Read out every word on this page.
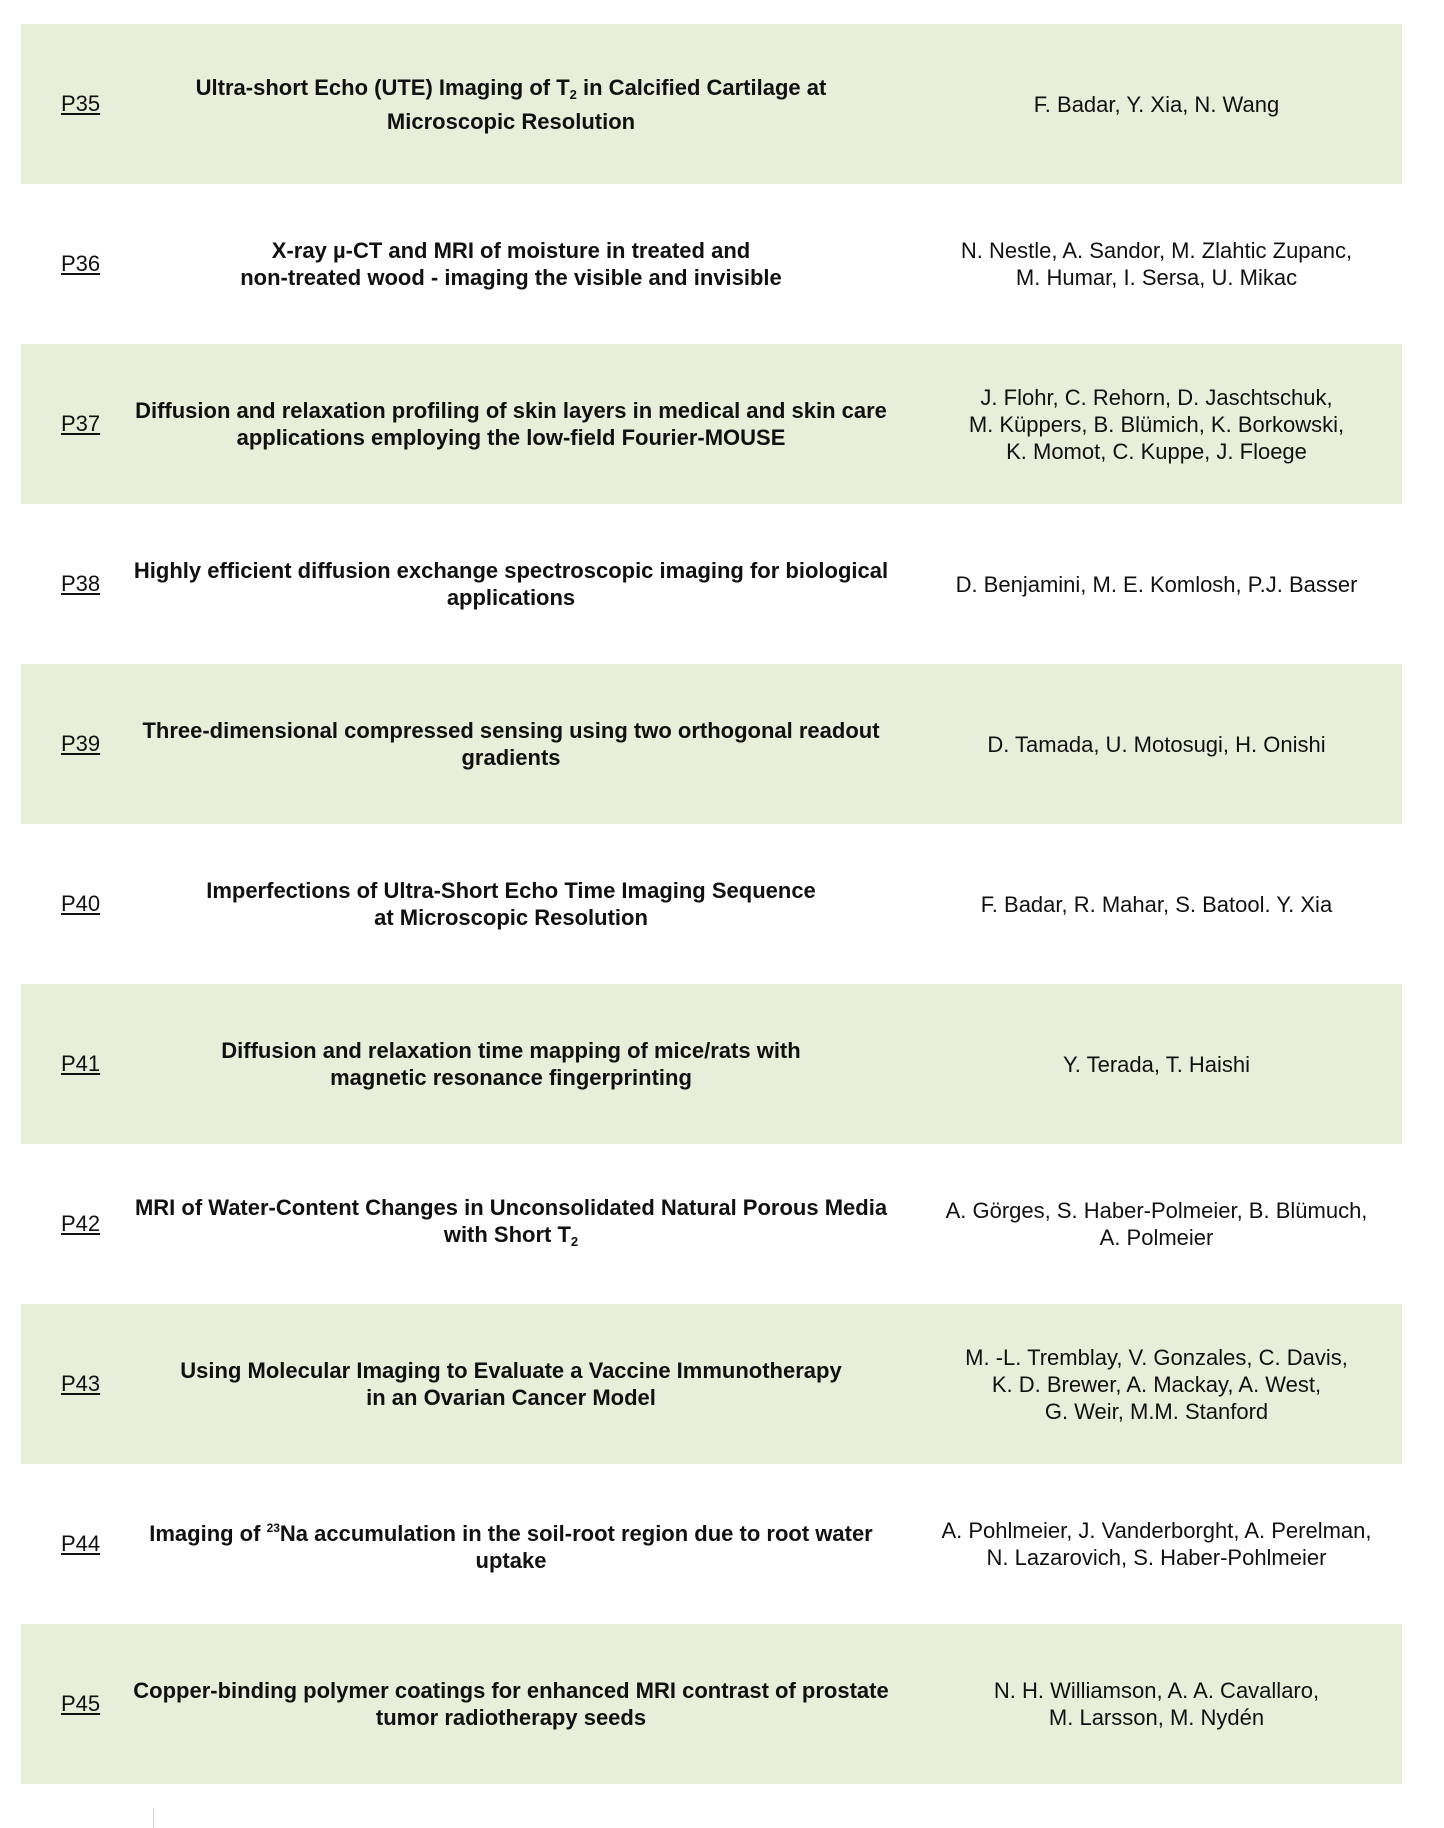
P35
Ultra-short Echo (UTE) Imaging of $T_2$ in Calcified Cartilage at
Microscopic Resolution
F. Badar, Y. Xia, N. Wang
P36
X-ray µ-CT and MRI of moisture in treated and
non-treated wood - imaging the visible and invisible
N. Nestle, A. Sandor, M. Zlahtic Zupanc,
M. Humar, I. Sersa, U. Mikac
P37
Diffusion and relaxation profiling of skin layers in medical and skin care
applications employing the low-field Fourier-MOUSE
J. Flohr, C. Rehorn, D. Jaschtschuk,
M. Küppers, B. Blümich, K. Borkowski,
K. Momot, C. Kuppe, J. Floege
P38
Highly efficient diffusion exchange spectroscopic imaging for biological
applications
D. Benjamini, M. E. Komlosh, P.J. Basser
P39
Three-dimensional compressed sensing using two orthogonal readout
gradients
D. Tamada, U. Motosugi, H. Onishi
P40
Imperfections of Ultra-Short Echo Time Imaging Sequence
at Microscopic Resolution
F. Badar, R. Mahar, S. Batool. Y. Xia
P41
Diffusion and relaxation time mapping of mice/rats with
magnetic resonance fingerprinting
Y. Terada, T. Haishi
P42
MRI of Water-Content Changes in Unconsolidated Natural Porous Media
with Short $T_2$
A. Görges, S. Haber-Polmeier, B. Blümuch,
A. Polmeier
P43
Using Molecular Imaging to Evaluate a Vaccine Immunotherapy
in an Ovarian Cancer Model
M. -L. Tremblay, V. Gonzales, C. Davis,
K. D. Brewer, A. Mackay, A. West,
G. Weir, M.M. Stanford
P44	Imaging of $^{23}$Na accumulation in the soil-root region due to root water
uptake
A. Pohlmeier, J. Vanderborght, A. Perelman,
N. Lazarovich, S. Haber-Pohlmeier
P45
Copper-binding polymer coatings for enhanced MRI contrast of prostate
tumor radiotherapy seeds
N. H. Williamson, A. A. Cavallaro,
M. Larsson, M. Nydén
